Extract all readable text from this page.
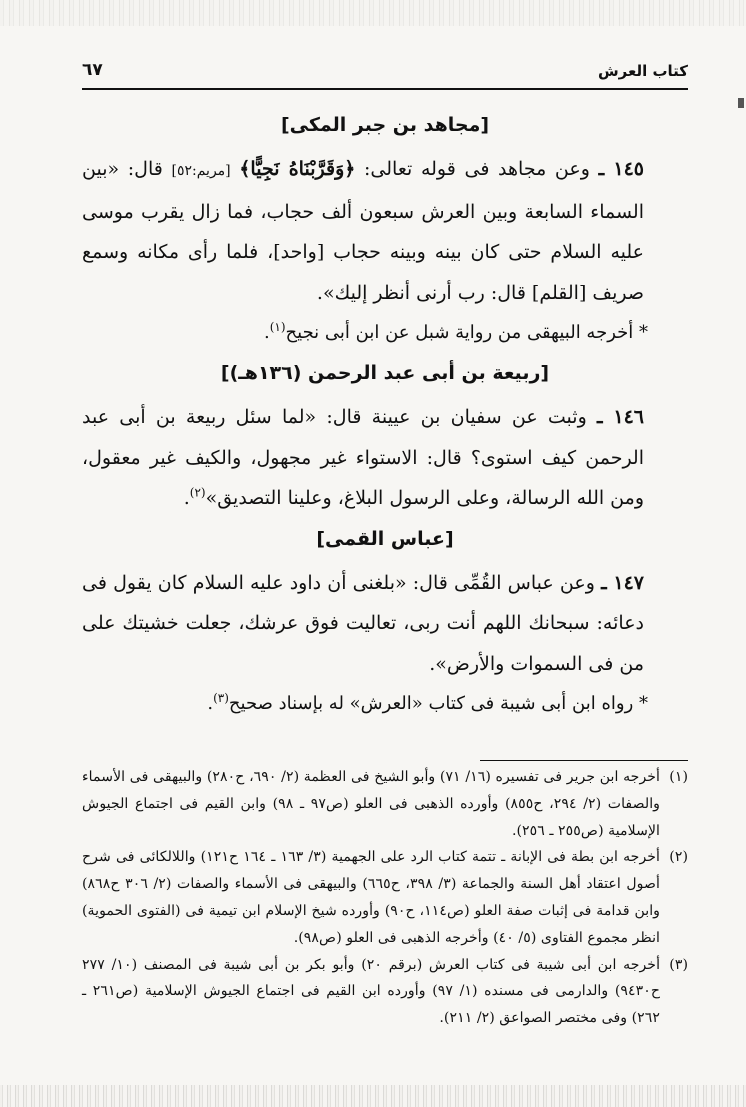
كتاب العرش
٦٧
[مجاهد بن جبر المكى]

١٤٥ ـ وعن مجاهد فى قوله تعالى: ﴿وَقَرَّبْنَاهُ نَجِيًّا﴾ [مريم:٥٢] قال: «بين السماء السابعة وبين العرش سبعون ألف حجاب، فما زال يقرب موسى عليه السلام حتى كان بينه وبينه حجاب [واحد]، فلما رأى مكانه وسمع صريف [القلم] قال: رب أرنى أنظر إليك».

* أخرجه البيهقى من رواية شبل عن ابن أبى نجيح$^{(١)}$.

[ربيعة بن أبى عبد الرحمن (١٣٦هـ)]

١٤٦ ـ وثبت عن سفيان بن عيينة قال: «لما سئل ربيعة بن أبى عبد الرحمن كيف استوى؟ قال: الاستواء غير مجهول، والكيف غير معقول، ومن الله الرسالة، وعلى الرسول البلاغ، وعلينا التصديق»$^{(٢)}$.

[عباس القمى]

١٤٧ ـ وعن عباس القُمِّى قال: «بلغنى أن داود عليه السلام كان يقول فى دعائه: سبحانك اللهم أنت ربى، تعاليت فوق عرشك، جعلت خشيتك على من فى السموات والأرض».

* رواه ابن أبى شيبة فى كتاب «العرش» له بإسناد صحيح$^{(٣)}$.

(١)أخرجه ابن جرير فى تفسيره (١٦/ ٧١) وأبو الشيخ فى العظمة (٢/ ٦٩٠، ح٢٨٠) والبيهقى فى الأسماء والصفات (٢/ ٢٩٤، ح٨٥٥) وأورده الذهبى فى العلو (ص٩٧ ـ ٩٨) وابن القيم فى اجتماع الجيوش الإسلامية (ص٢٥٥ ـ ٢٥٦).

(٢)أخرجه ابن بطة فى الإبانة ـ تتمة كتاب الرد على الجهمية (٣/ ١٦٣ ـ ١٦٤ ح١٢١) واللالكائى فى شرح أصول اعتقاد أهل السنة والجماعة (٣/ ٣٩٨، ح٦٦٥) والبيهقى فى الأسماء والصفات (٢/ ٣٠٦ ح٨٦٨) وابن قدامة فى إثبات صفة العلو (ص١١٤، ح٩٠) وأورده شيخ الإسلام ابن تيمية فى (الفتوى الحموية) انظر مجموع الفتاوى (٥/ ٤٠) وأخرجه الذهبى فى العلو (ص٩٨).

(٣)أخرجه ابن أبى شيبة فى كتاب العرش (برقم ٢٠) وأبو بكر بن أبى شيبة فى المصنف (١٠/ ٢٧٧ ح٩٤٣٠) والدارمى فى مسنده (١/ ٩٧) وأورده ابن القيم فى اجتماع الجيوش الإسلامية (ص٢٦١ ـ ٢٦٢) وفى مختصر الصواعق (٢/ ٢١١).
